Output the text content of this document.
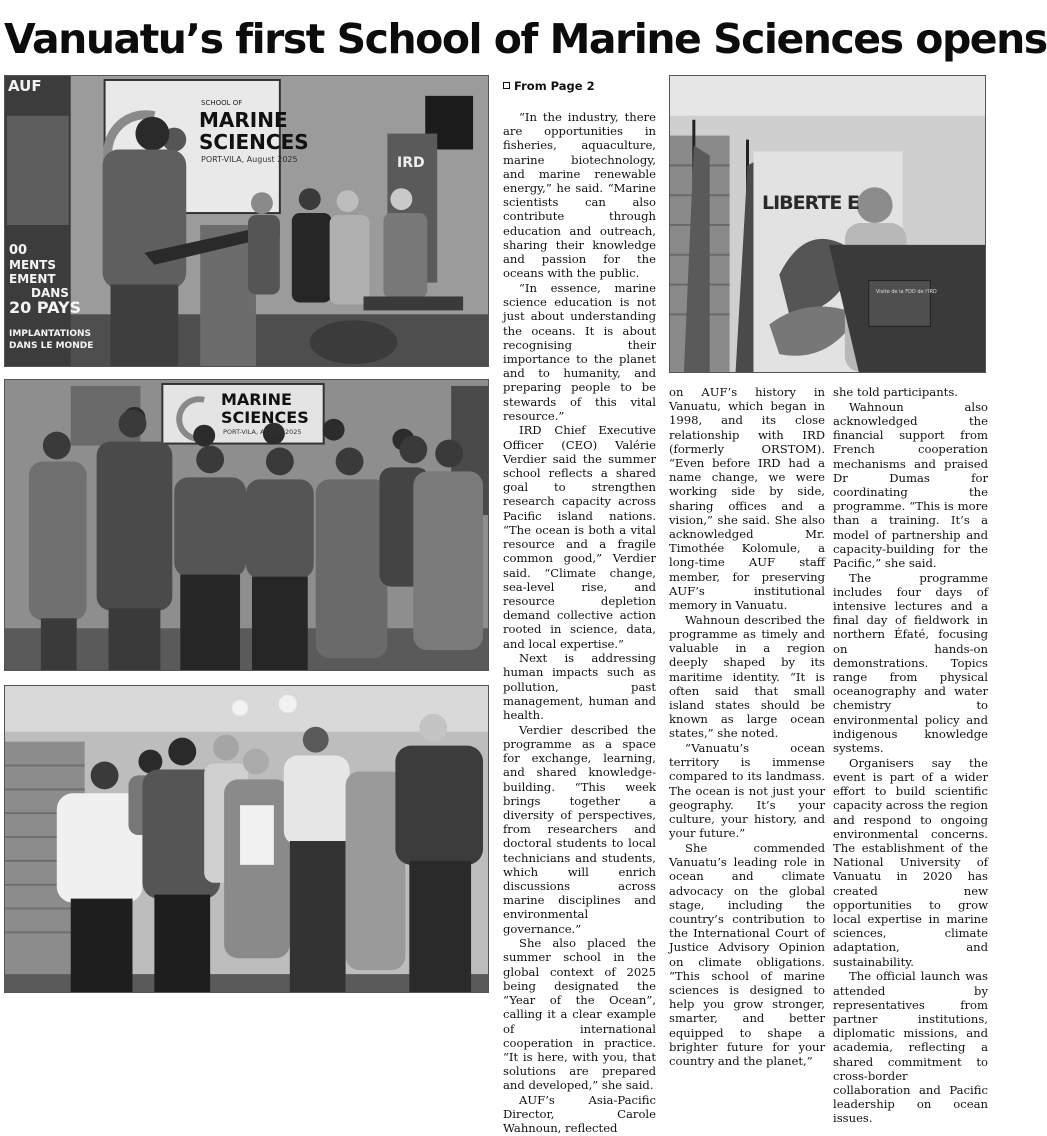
Vanuatu’s first School of Marine Sciences opens
AUF
SCHOOL OF
MARINE
SCIENCES
PORT-VILA, August 2025
00
MENTS
EMENT
DANS
20 PAYS
IMPLANTATIONS
DANS LE MONDE
IRD
MARINE
SCIENCES
PORT-VILA, August 2025
LIBERTE E
Visite de la FDD de l'IRD
From Page 2

“In the industry, there are opportunities in fisheries, aquaculture, marine biotechnology, and marine renewable energy,” he said. “Marine scientists can also contribute through education and outreach, sharing their knowledge and passion for the oceans with the public.

“In essence, marine science education is not just about understanding the oceans. It is about recognising their importance to the planet and to humanity, and preparing people to be stewards of this vital resource.”

IRD Chief Executive Officer (CEO) Valérie Verdier said the summer school reflects a shared goal to strengthen research capacity across Pacific island nations. “The ocean is both a vital resource and a fragile common good,” Verdier said. “Climate change, sea-level rise, and resource depletion demand collective action rooted in science, data, and local expertise.”

Next is addressing human impacts such as pollution, past management, human and health.

Verdier described the programme as a space for exchange, learning, and shared knowledge-building. “This week brings together a diversity of perspectives, from researchers and doctoral students to local technicians and students, which will enrich discussions across marine disciplines and environmental governance.”

She also placed the summer school in the global context of 2025 being designated the “Year of the Ocean”, calling it a clear example of international cooperation in practice. “It is here, with you, that solutions are prepared and developed,” she said.

AUF’s Asia-Pacific Director, Carole Wahnoun, reflected

on AUF’s history in Vanuatu, which began in 1998, and its close relationship with IRD (formerly ORSTOM). “Even before IRD had a name change, we were working side by side, sharing offices and a vision,” she said. She also acknowledged Mr. Timothée Kolomule, a long-time AUF staff member, for preserving AUF’s institutional memory in Vanuatu.

Wahnoun described the programme as timely and valuable in a region deeply shaped by its maritime identity. “It is often said that small island states should be known as large ocean states,” she noted.

“Vanuatu’s ocean territory is immense compared to its landmass. The ocean is not just your geography. It’s your culture, your history, and your future.”

She commended Vanuatu’s leading role in ocean and climate advocacy on the global stage, including the country’s contribution to the International Court of Justice Advisory Opinion on climate obligations. “This school of marine sciences is designed to help you grow stronger, smarter, and better equipped to shape a brighter future for your country and the planet,”

she told participants.

Wahnoun also acknowledged the financial support from French cooperation mechanisms and praised Dr Dumas for coordinating the programme. “This is more than a training. It’s a model of partnership and capacity-building for the Pacific,” she said.

The programme includes four days of intensive lectures and a final day of fieldwork in northern Éfaté, focusing on hands-on demonstrations. Topics range from physical oceanography and water chemistry to environmental policy and indigenous knowledge systems.

Organisers say the event is part of a wider effort to build scientific capacity across the region and respond to ongoing environmental concerns. The establishment of the National University of Vanuatu in 2020 has created new opportunities to grow local expertise in marine sciences, climate adaptation, and sustainability.

The official launch was attended by representatives from partner institutions, diplomatic missions, and academia, reflecting a shared commitment to cross-border collaboration and Pacific leadership on ocean issues.
